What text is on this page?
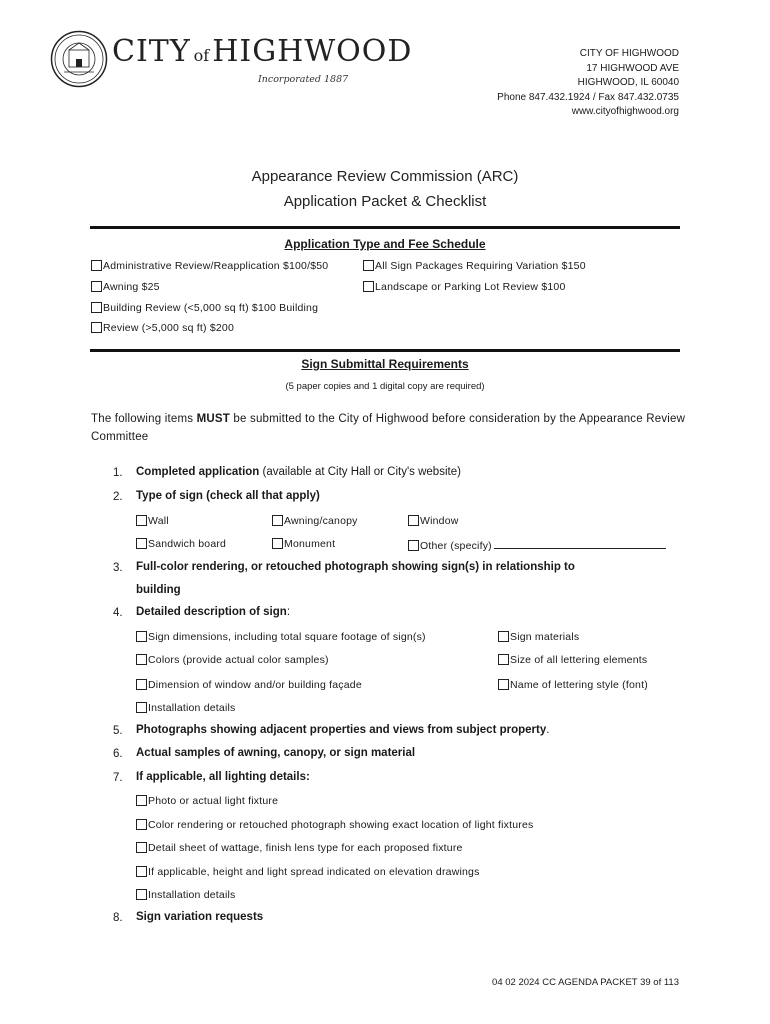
CITY of HIGHWOOD
Incorporated 1887
CITY OF HIGHWOOD
17 HIGHWOOD AVE
HIGHWOOD, IL 60040
Phone 847.432.1924 / Fax 847.432.0735
www.cityofhighwood.org
Appearance Review Commission (ARC)
Application Packet & Checklist
Application Type and Fee Schedule
Administrative Review/Reapplication $100/$50	All Sign Packages Requiring Variation $150
Awning $25	Landscape or Parking Lot Review $100
Building Review (<5,000 sq ft) $100 Building
Review (>5,000 sq ft) $200
Sign Submittal Requirements
(5 paper copies and 1 digital copy are required)
The following items MUST be submitted to the City of Highwood before consideration by the Appearance Review Committee
1. Completed application (available at City Hall or City's website)
2. Type of sign (check all that apply)
Wall	Awning/canopy	Window
Sandwich board	Monument	Other (specify)
3. Full-color rendering, or retouched photograph showing sign(s) in relationship to
building
4. Detailed description of sign:
Sign dimensions, including total square footage of sign(s)	Sign materials
Colors (provide actual color samples)	Size of all lettering elements
Dimension of window and/or building façade	Name of lettering style (font)
Installation details
5. Photographs showing adjacent properties and views from subject property.
6. Actual samples of awning, canopy, or sign material
7. If applicable, all lighting details:
Photo or actual light fixture
Color rendering or retouched photograph showing exact location of light fixtures
Detail sheet of wattage, finish lens type for each proposed fixture
If applicable, height and light spread indicated on elevation drawings
Installation details
8. Sign variation requests
04 02 2024 CC AGENDA PACKET 39 of 113
